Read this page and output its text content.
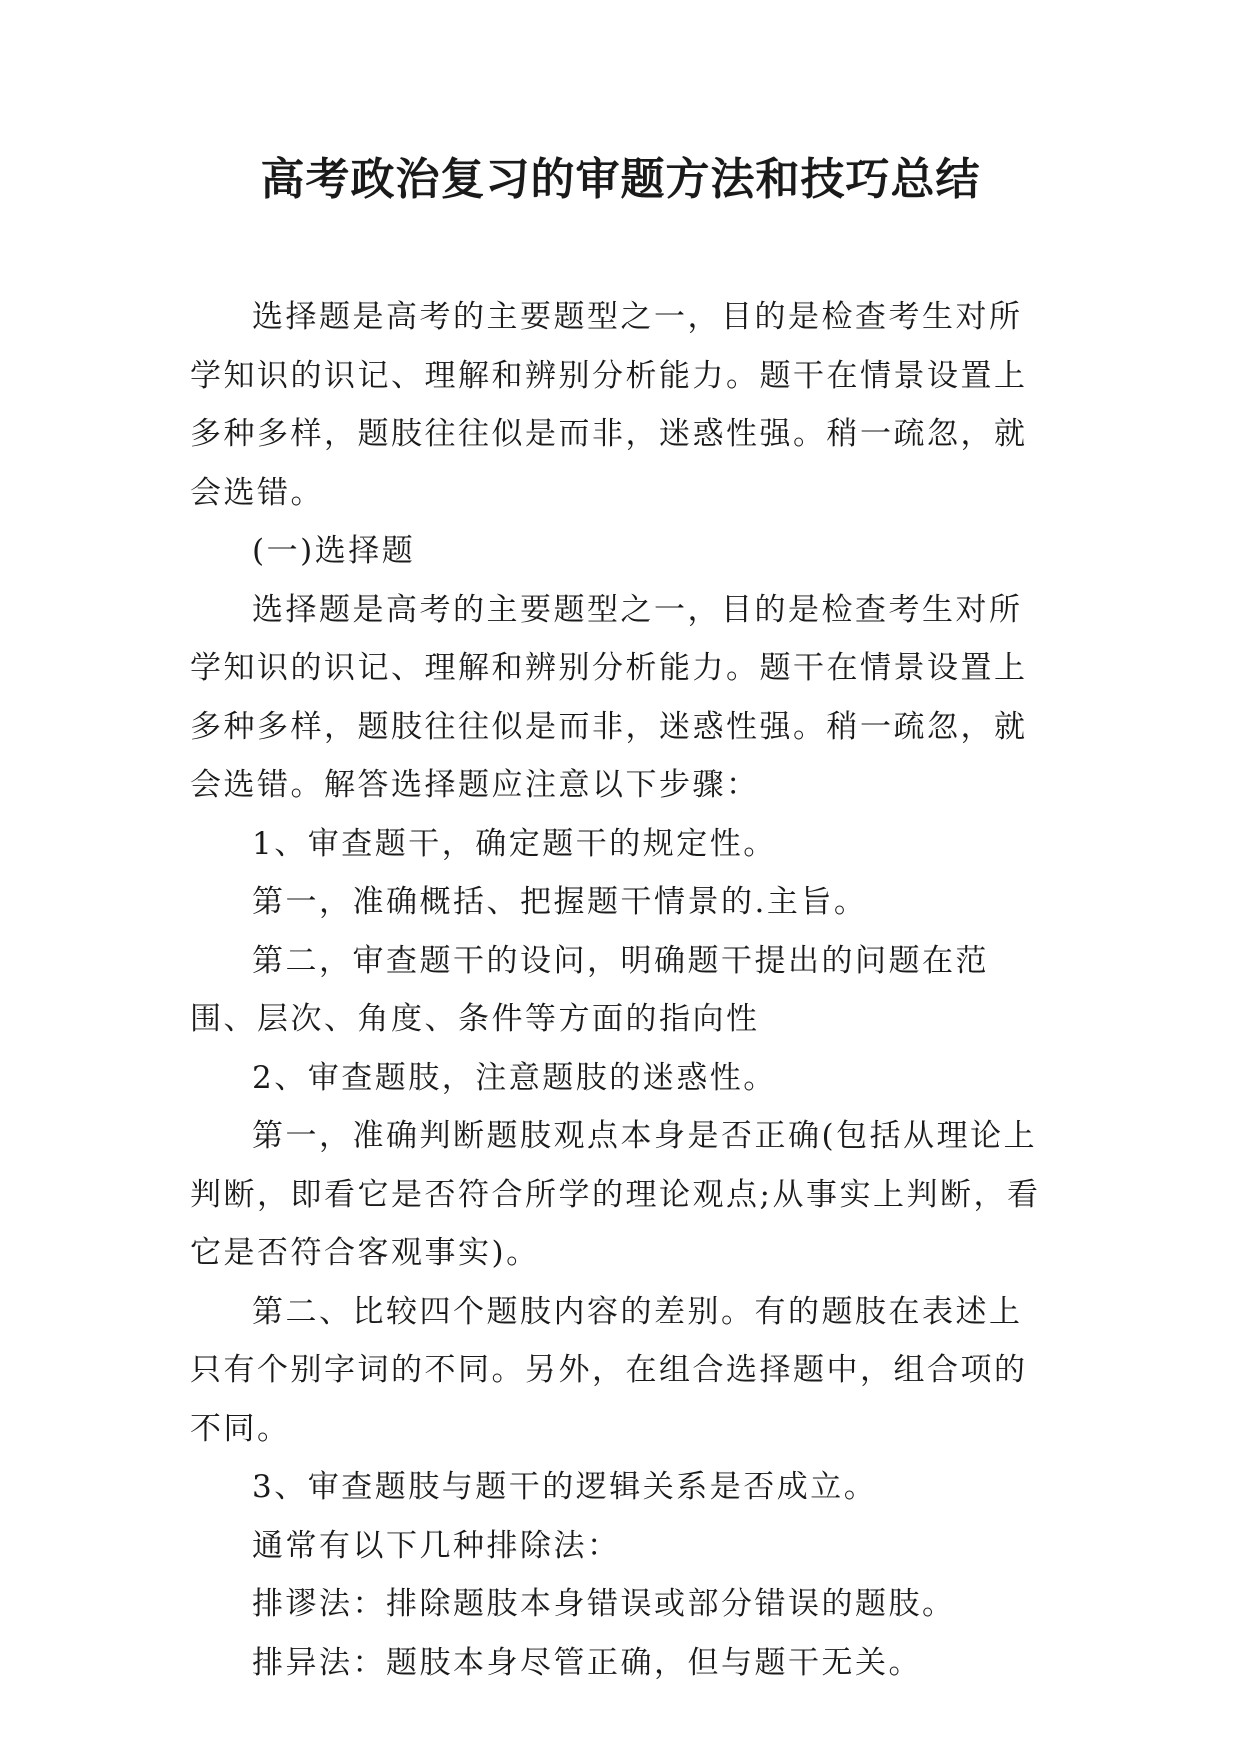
高考政治复习的审题方法和技巧总结

选择题是高考的主要题型之一，目的是检查考生对所学知识的识记、理解和辨别分析能力。题干在情景设置上多种多样，题肢往往似是而非，迷惑性强。稍一疏忽，就会选错。

(一)选择题

选择题是高考的主要题型之一，目的是检查考生对所学知识的识记、理解和辨别分析能力。题干在情景设置上多种多样，题肢往往似是而非，迷惑性强。稍一疏忽，就会选错。解答选择题应注意以下步骤：

1、审查题干，确定题干的规定性。

第一，准确概括、把握题干情景的.主旨。

第二，审查题干的设问，明确题干提出的问题在范围、层次、角度、条件等方面的指向性

2、审查题肢，注意题肢的迷惑性。

第一，准确判断题肢观点本身是否正确(包括从理论上判断，即看它是否符合所学的理论观点;从事实上判断，看它是否符合客观事实)。

第二、比较四个题肢内容的差别。有的题肢在表述上只有个别字词的不同。另外，在组合选择题中，组合项的不同。

3、审查题肢与题干的逻辑关系是否成立。

通常有以下几种排除法：

排谬法：排除题肢本身错误或部分错误的题肢。

排异法：题肢本身尽管正确，但与题干无关。
